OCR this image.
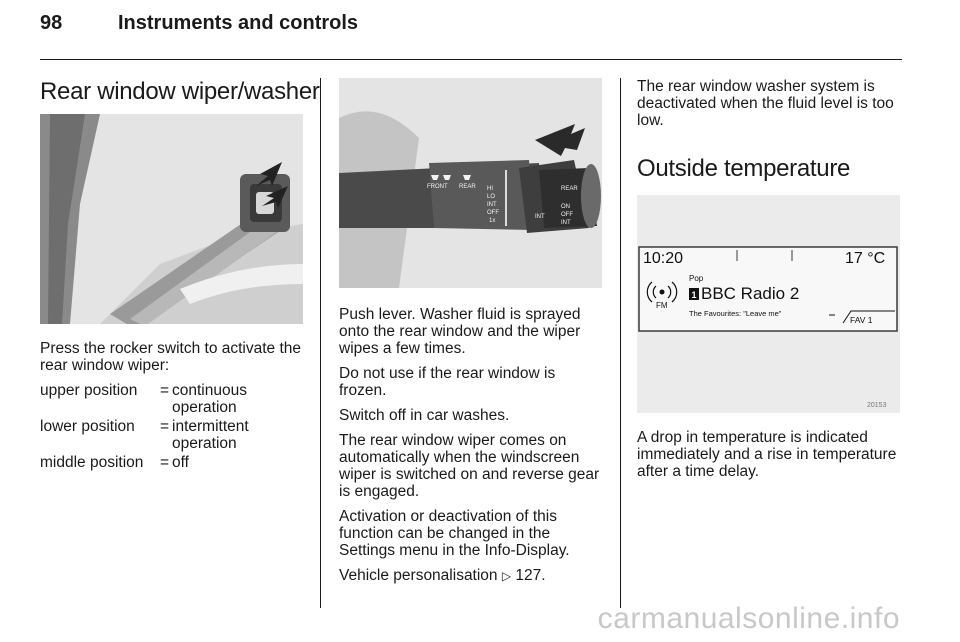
98	Instruments and controls
Rear window wiper/washer

Press the rocker switch to activate the rear window wiper:

upper position	=	continuous operation
lower position	=	intermittent operation
middle position	=	off
FRONT REAR HI
LO
INT
OFF
1x
INT
ON
OFF
INT
REAR

Push lever. Washer fluid is sprayed onto the rear window and the wiper wipes a few times.

Do not use if the rear window is frozen.

Switch off in car washes.

The rear window wiper comes on automatically when the windscreen wiper is switched on and reverse gear is engaged.

Activation or deactivation of this function can be changed in the Settings menu in the Info-Display.

Vehicle personalisation ▷ 127.

The rear window washer system is deactivated when the fluid level is too low.

Outside temperature
10:20	17 °C
Pop
BBC Radio 2
The Favourites: "Leave me"
FM
1
FAV 1
20153

A drop in temperature is indicated immediately and a rise in temperature after a time delay.

carmanualsonline.info
